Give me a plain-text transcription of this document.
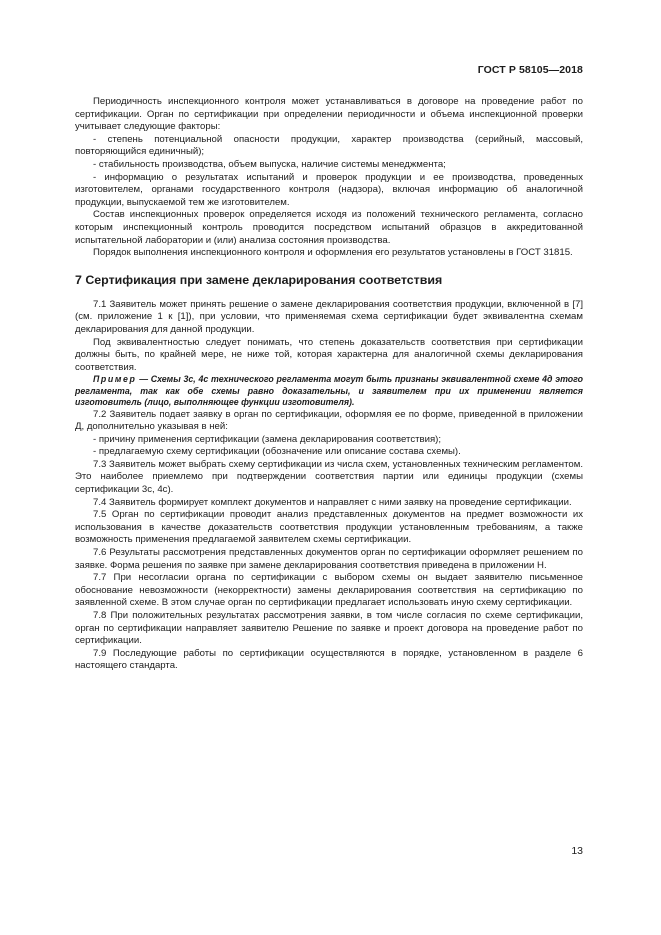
ГОСТ Р 58105—2018

Периодичность инспекционного контроля может устанавливаться в договоре на проведение работ по сертификации. Орган по сертификации при определении периодичности и объема инспекционной проверки учитывает следующие факторы:

- степень потенциальной опасности продукции, характер производства (серийный, массовый, повторяющийся единичный);

- стабильность производства, объем выпуска, наличие системы менеджмента;

- информацию о результатах испытаний и проверок продукции и ее производства, проведенных изготовителем, органами государственного контроля (надзора), включая информацию об аналогичной продукции, выпускаемой тем же изготовителем.

Состав инспекционных проверок определяется исходя из положений технического регламента, согласно которым инспекционный контроль проводится посредством испытаний образцов в аккредитованной испытательной лаборатории и (или) анализа состояния производства.

Порядок выполнения инспекционного контроля и оформления его результатов установлены в ГОСТ 31815.

7 Сертификация при замене декларирования соответствия

7.1 Заявитель может принять решение о замене декларирования соответствия продукции, включенной в [7] (см. приложение 1 к [1]), при условии, что применяемая схема сертификации будет эквивалентна схемам декларирования для данной продукции.

Под эквивалентностью следует понимать, что степень доказательств соответствия при сертификации должны быть, по крайней мере, не ниже той, которая характерна для аналогичной схемы декларирования соответствия.

Пример — Схемы 3с, 4с технического регламента могут быть признаны эквивалентной схеме 4д этого регламента, так как обе схемы равно доказательны, и заявителем при их применении является изготовитель (лицо, выполняющее функции изготовителя).

7.2 Заявитель подает заявку в орган по сертификации, оформляя ее по форме, приведенной в приложении Д, дополнительно указывая в ней:

- причину применения сертификации (замена декларирования соответствия);

- предлагаемую схему сертификации (обозначение или описание состава схемы).

7.3 Заявитель может выбрать схему сертификации из числа схем, установленных техническим регламентом. Это наиболее приемлемо при подтверждении соответствия партии или единицы продукции (схемы сертификации 3с, 4с).

7.4 Заявитель формирует комплект документов и направляет с ними заявку на проведение сертификации.

7.5 Орган по сертификации проводит анализ представленных документов на предмет возможности их использования в качестве доказательств соответствия продукции установленным требованиям, а также возможность применения предлагаемой заявителем схемы сертификации.

7.6 Результаты рассмотрения представленных документов орган по сертификации оформляет решением по заявке. Форма решения по заявке при замене декларирования соответствия приведена в приложении Н.

7.7 При несогласии органа по сертификации с выбором схемы он выдает заявителю письменное обоснование невозможности (некорректности) замены декларирования соответствия на сертификацию по заявленной схеме. В этом случае орган по сертификации предлагает использовать иную схему сертификации.

7.8 При положительных результатах рассмотрения заявки, в том числе согласия по схеме сертификации, орган по сертификации направляет заявителю Решение по заявке и проект договора на проведение работ по сертификации.

7.9 Последующие работы по сертификации осуществляются в порядке, установленном в разделе 6 настоящего стандарта.

13
